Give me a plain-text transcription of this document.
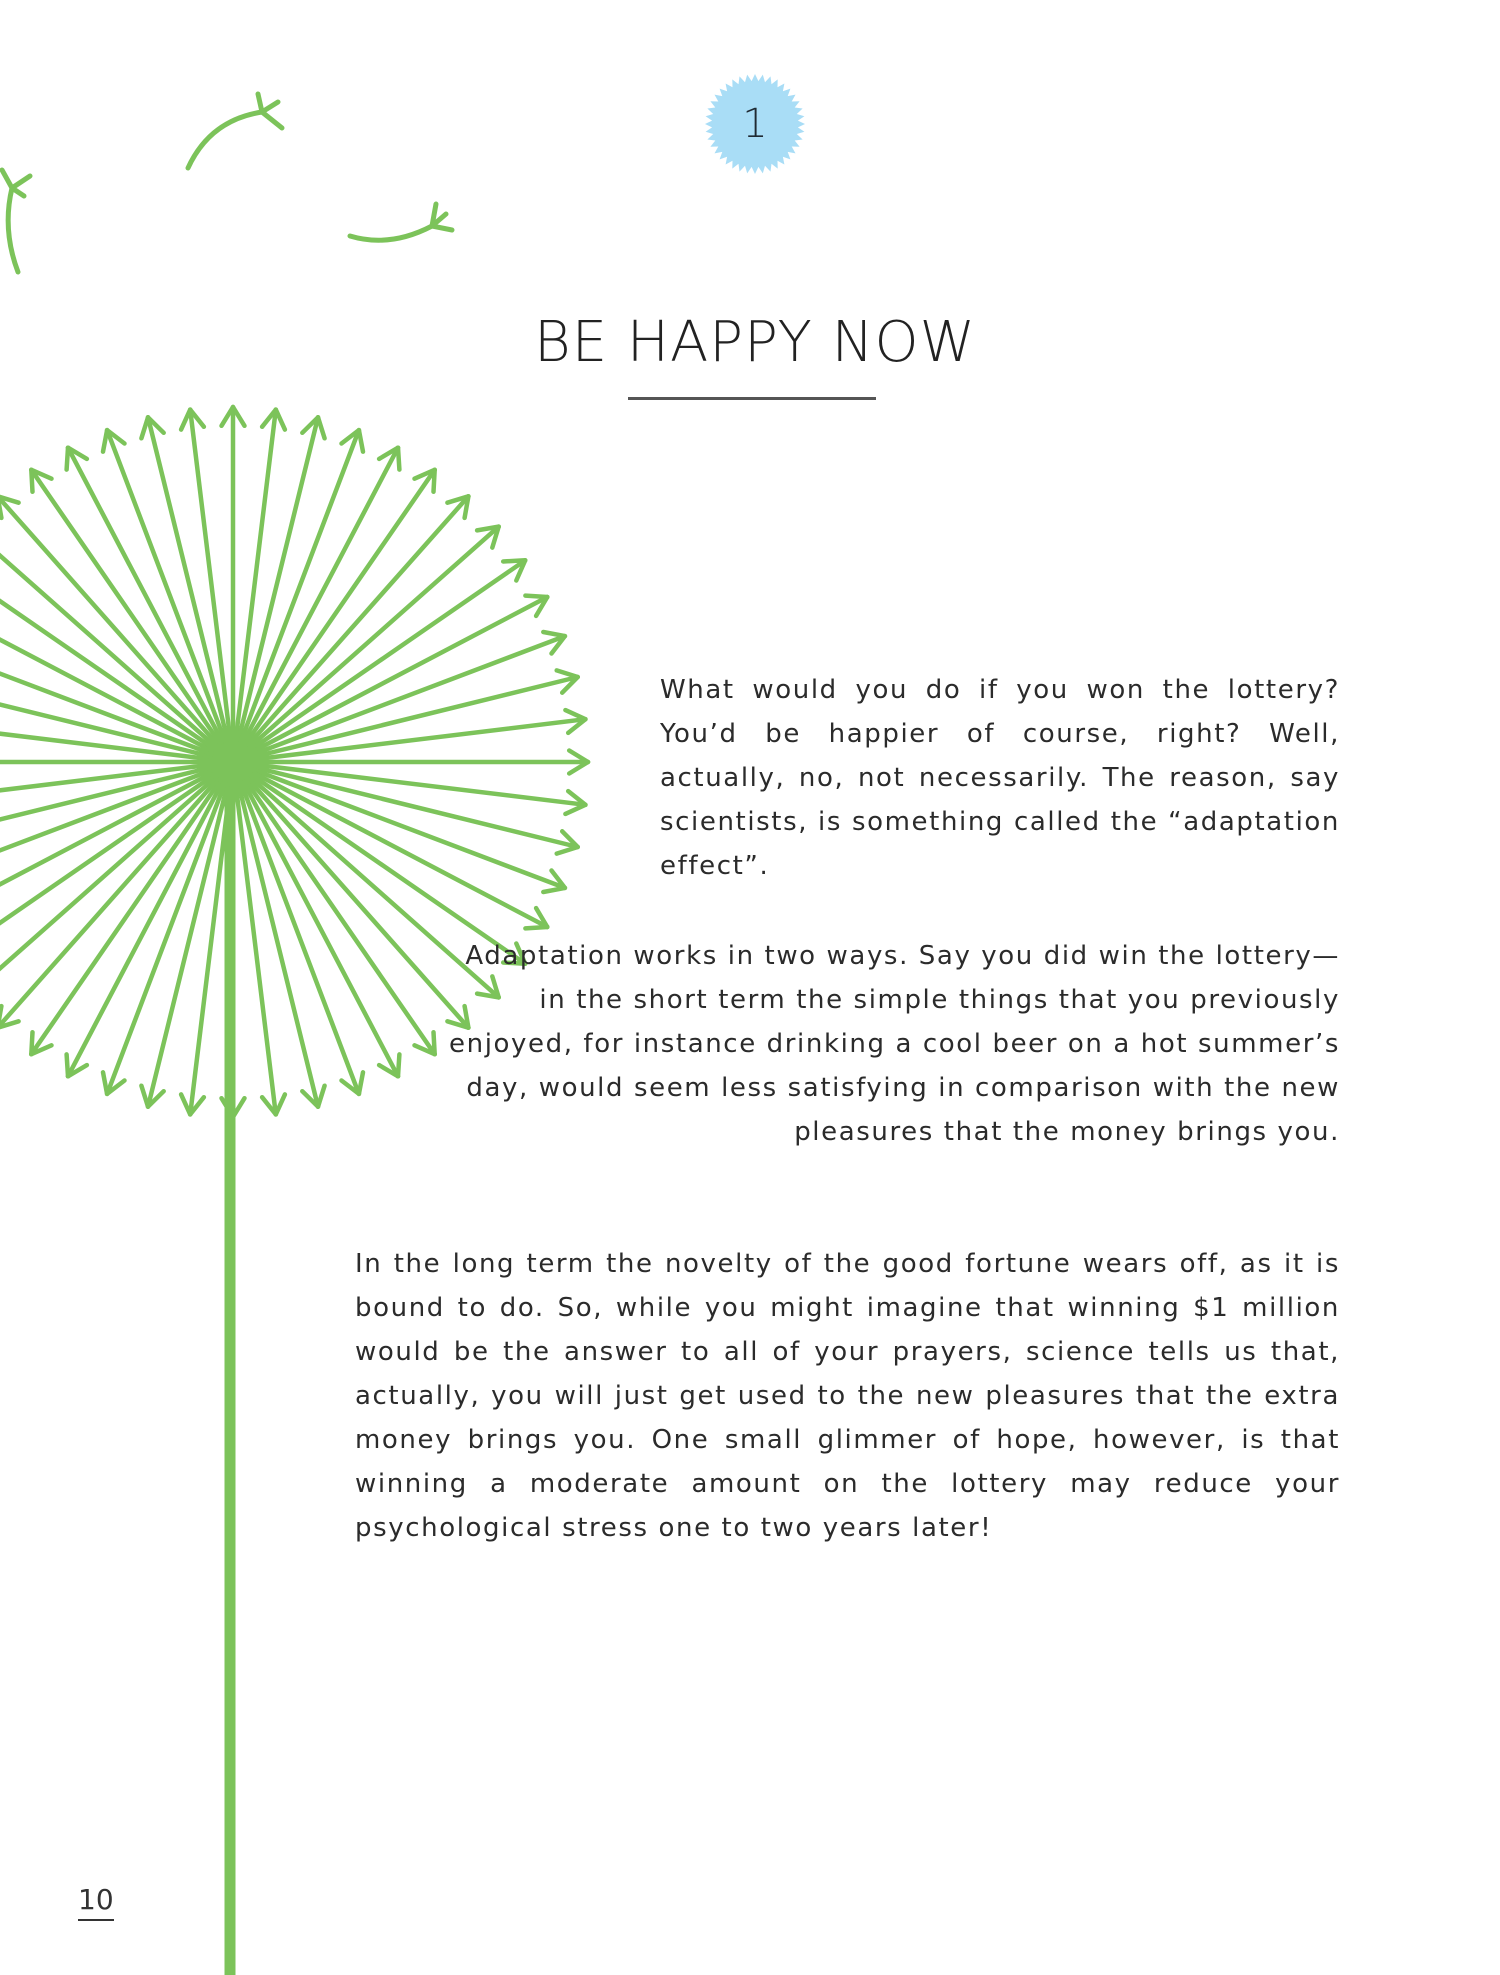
1
BE HAPPY NOW

What would you do if you won the lottery? You’d be happier of course, right? Well, actually, no, not necessarily. The reason, say scientists, is something called the “adaptation effect”.

Adaptation works in two ways. Say you did win the lottery—in the short term the simple things that you previously enjoyed, for instance drinking a cool beer on a hot summer’s day, would seem less satisfying in comparison with the new pleasures that the money brings you.

In the long term the novelty of the good fortune wears off, as it is bound to do. So, while you might imagine that winning $1 million would be the answer to all of your prayers, science tells us that, actually, you will just get used to the new pleasures that the extra money brings you. One small glimmer of hope, however, is that winning a moderate amount on the lottery may reduce your psychological stress one to two years later!

10
